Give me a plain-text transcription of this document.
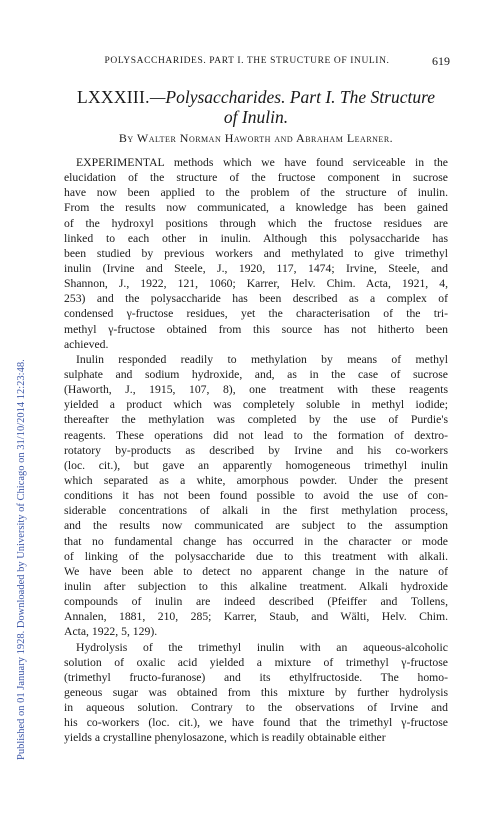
POLYSACCHARIDES. PART I. THE STRUCTURE OF INULIN.	619
Published on 01 January 1928. Downloaded by University of Chicago on 31/10/2014 12:23:48.
LXXXIII.—Polysaccharides. Part I. The Structure
of Inulin.
By Walter Norman Haworth and Abraham Learner.
EXPERIMENTAL methods which we have found serviceable in the
elucidation of the structure of the fructose component in sucrose
have now been applied to the problem of the structure of inulin.
From the results now communicated, a knowledge has been gained
of the hydroxyl positions through which the fructose residues are
linked to each other in inulin. Although this polysaccharide has
been studied by previous workers and methylated to give trimethyl
inulin (Irvine and Steele, J., 1920, 117, 1474; Irvine, Steele, and
Shannon, J., 1922, 121, 1060; Karrer, Helv. Chim. Acta, 1921, 4,
253) and the polysaccharide has been described as a complex of
condensed γ-fructose residues, yet the characterisation of the tri-
methyl γ-fructose obtained from this source has not hitherto been
achieved.
Inulin responded readily to methylation by means of methyl
sulphate and sodium hydroxide, and, as in the case of sucrose
(Haworth, J., 1915, 107, 8), one treatment with these reagents
yielded a product which was completely soluble in methyl iodide;
thereafter the methylation was completed by the use of Purdie's
reagents. These operations did not lead to the formation of dextro-
rotatory by-products as described by Irvine and his co-workers
(loc. cit.), but gave an apparently homogeneous trimethyl inulin
which separated as a white, amorphous powder. Under the present
conditions it has not been found possible to avoid the use of con-
siderable concentrations of alkali in the first methylation process,
and the results now communicated are subject to the assumption
that no fundamental change has occurred in the character or mode
of linking of the polysaccharide due to this treatment with alkali.
We have been able to detect no apparent change in the nature of
inulin after subjection to this alkaline treatment. Alkali hydroxide
compounds of inulin are indeed described (Pfeiffer and Tollens,
Annalen, 1881, 210, 285; Karrer, Staub, and Wälti, Helv. Chim.
Acta, 1922, 5, 129).
Hydrolysis of the trimethyl inulin with an aqueous-alcoholic
solution of oxalic acid yielded a mixture of trimethyl γ-fructose
(trimethyl fructo-furanose) and its ethylfructoside. The homo-
geneous sugar was obtained from this mixture by further hydrolysis
in aqueous solution. Contrary to the observations of Irvine and
his co-workers (loc. cit.), we have found that the trimethyl γ-fructose
yields a crystalline phenylosazone, which is readily obtainable either
